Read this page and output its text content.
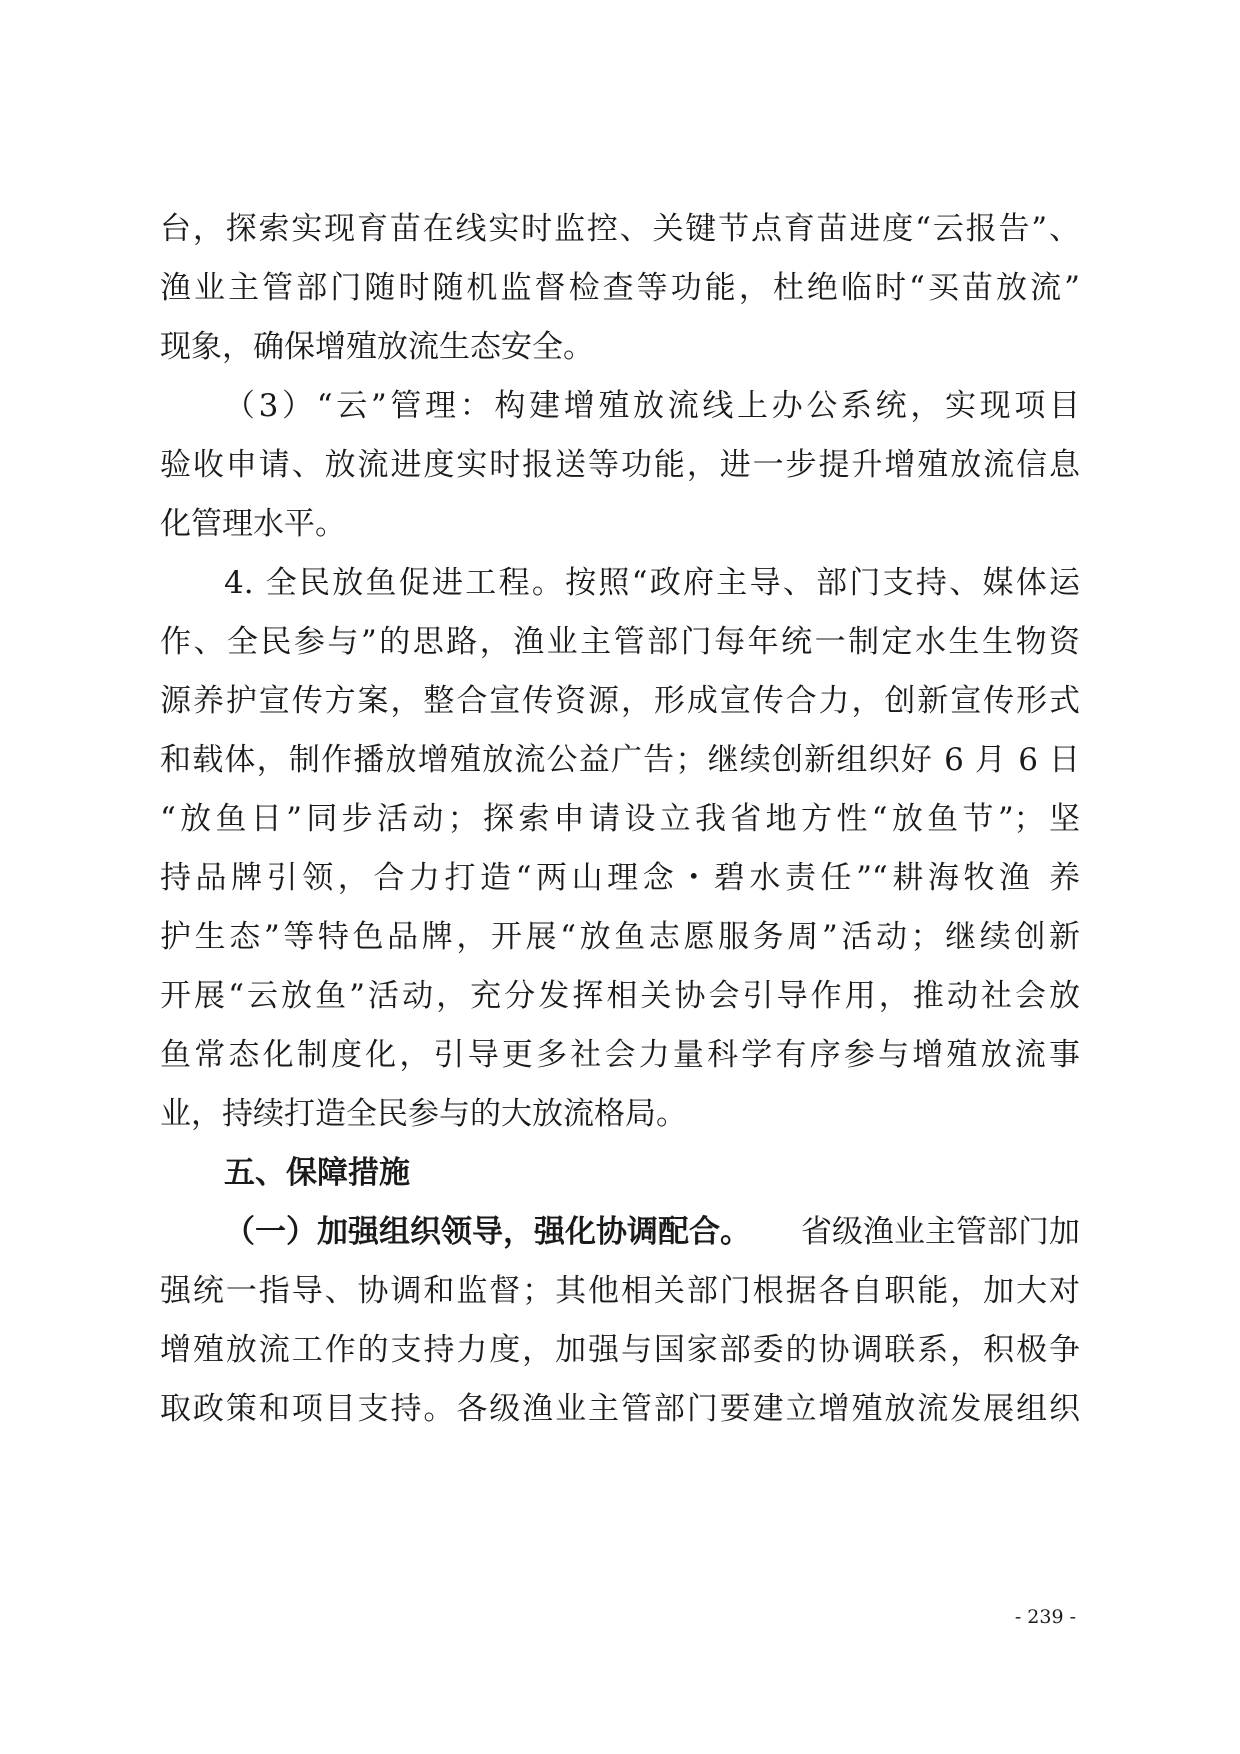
台，探索实现育苗在线实时监控、关键节点育苗进度“云报告”、
渔业主管部门随时随机监督检查等功能，杜绝临时“买苗放流”
现象，确保增殖放流生态安全。
（3）“云”管理：构建增殖放流线上办公系统，实现项目
验收申请、放流进度实时报送等功能，进一步提升增殖放流信息
化管理水平。
4. 全民放鱼促进工程。按照“政府主导、部门支持、媒体运
作、全民参与”的思路，渔业主管部门每年统一制定水生生物资
源养护宣传方案，整合宣传资源，形成宣传合力，创新宣传形式
和载体，制作播放增殖放流公益广告；继续创新组织好 6 月 6 日
“放鱼日”同步活动；探索申请设立我省地方性“放鱼节”；坚
持品牌引领，合力打造“两山理念・碧水责任”“耕海牧渔 养
护生态”等特色品牌，开展“放鱼志愿服务周”活动；继续创新
开展“云放鱼”活动，充分发挥相关协会引导作用，推动社会放
鱼常态化制度化，引导更多社会力量科学有序参与增殖放流事
业，持续打造全民参与的大放流格局。
五、保障措施
（一）加强组织领导，强化协调配合。 省级渔业主管部门加
强统一指导、协调和监督；其他相关部门根据各自职能，加大对
增殖放流工作的支持力度，加强与国家部委的协调联系，积极争
取政策和项目支持。各级渔业主管部门要建立增殖放流发展组织
- 239 -
